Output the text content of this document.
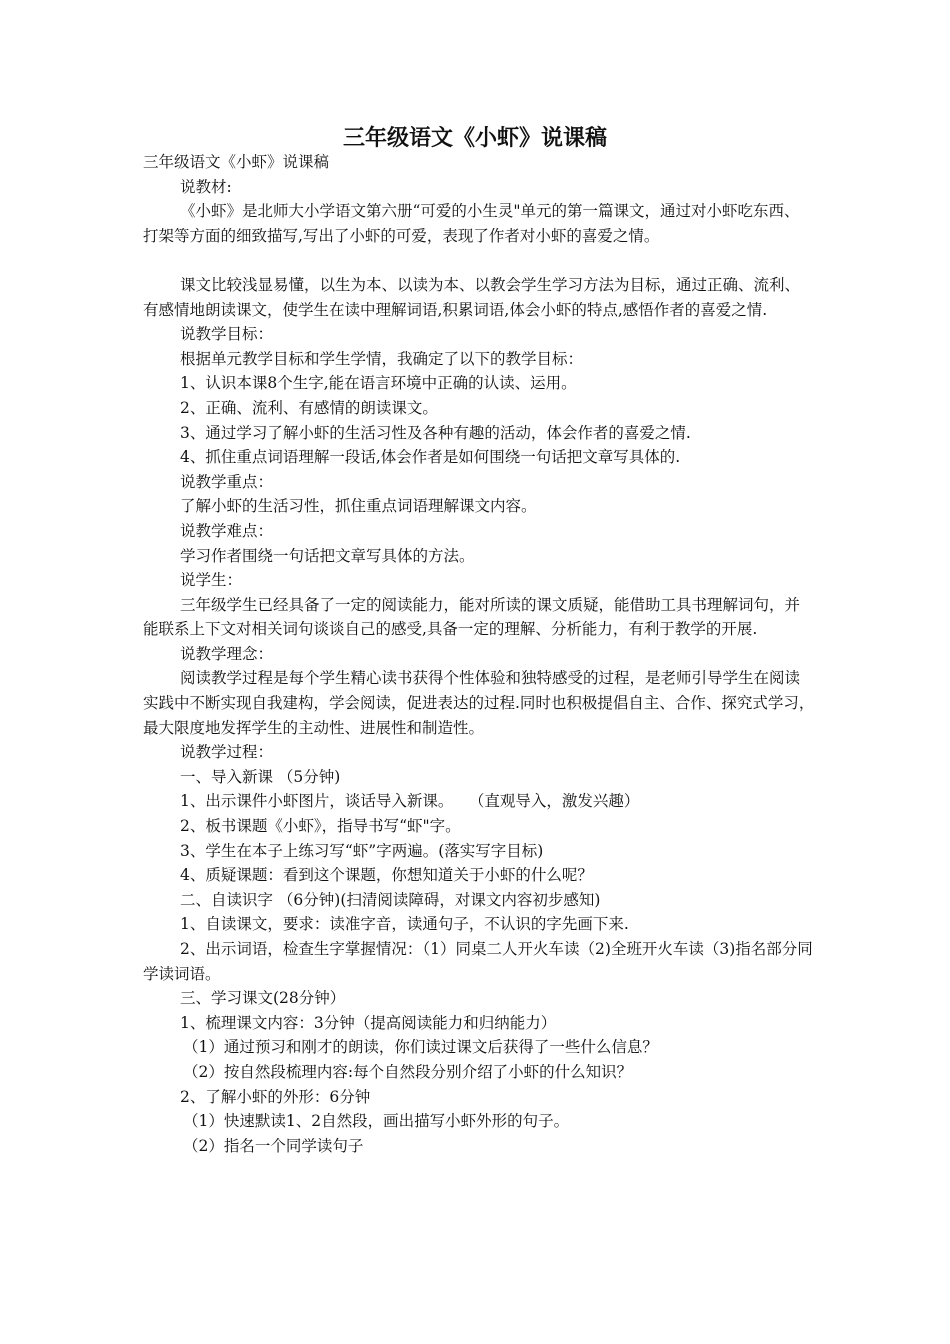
三年级语文《小虾》说课稿

三年级语文《小虾》说课稿

说教材:

《小虾》是北师大小学语文第六册“可爱的小生灵"单元的第一篇课文，通过对小虾吃东西、打架等方面的细致描写,写出了小虾的可爱，表现了作者对小虾的喜爱之情。

课文比较浅显易懂，以生为本、以读为本、以教会学生学习方法为目标，通过正确、流利、有感情地朗读课文，使学生在读中理解词语,积累词语,体会小虾的特点,感悟作者的喜爱之情.

说教学目标：

根据单元教学目标和学生学情，我确定了以下的教学目标：

1、认识本课8个生字,能在语言环境中正确的认读、运用。

2、正确、流利、有感情的朗读课文。

3、通过学习了解小虾的生活习性及各种有趣的活动，体会作者的喜爱之情.

4、抓住重点词语理解一段话,体会作者是如何围绕一句话把文章写具体的.

说教学重点：

了解小虾的生活习性，抓住重点词语理解课文内容。

说教学难点：

学习作者围绕一句话把文章写具体的方法。

说学生：

三年级学生已经具备了一定的阅读能力，能对所读的课文质疑，能借助工具书理解词句，并能联系上下文对相关词句谈谈自己的感受,具备一定的理解、分析能力，有利于教学的开展.

说教学理念：

阅读教学过程是每个学生精心读书获得个性体验和独特感受的过程，是老师引导学生在阅读实践中不断实现自我建构，学会阅读，促进表达的过程.同时也积极提倡自主、合作、探究式学习，最大限度地发挥学生的主动性、进展性和制造性。

说教学过程：

一、导入新课 （5分钟)

1、出示课件小虾图片，谈话导入新课。　　（直观导入，激发兴趣）

2、板书课题《小虾》，指导书写“虾"字。

3、学生在本子上练习写“虾”字两遍。(落实写字目标)

4、质疑课题：看到这个课题，你想知道关于小虾的什么呢？

二、自读识字 （6分钟)(扫清阅读障碍，对课文内容初步感知)

1、自读课文，要求：读准字音，读通句子，不认识的字先画下来.

2、出示词语，检查生字掌握情况：（1）同桌二人开火车读（2)全班开火车读（3)指名部分同学读词语。

三、学习课文(28分钟）

1、梳理课文内容：3分钟（提高阅读能力和归纳能力）

（1）通过预习和刚才的朗读，你们读过课文后获得了一些什么信息？

（2）按自然段梳理内容:每个自然段分别介绍了小虾的什么知识？

2、了解小虾的外形：6分钟

（1）快速默读1、2自然段，画出描写小虾外形的句子。

（2）指名一个同学读句子
